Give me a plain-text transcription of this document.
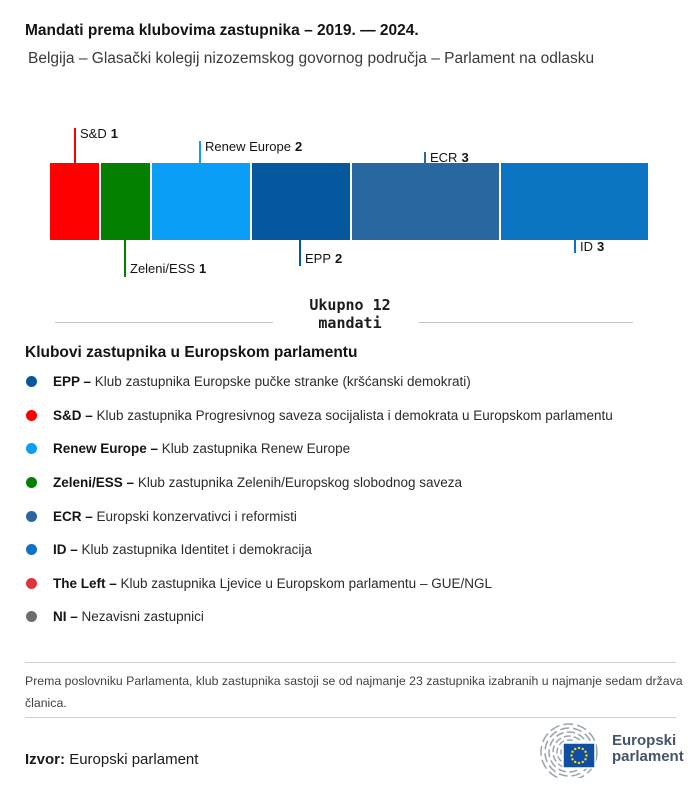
Mandati prema klubovima zastupnika – 2019. — 2024.
Belgija – Glasački kolegij nizozemskog govornog područja – Parlament na odlasku
S&D 1
Renew Europe 2
ECR 3
Zeleni/ESS 1
EPP 2
ID 3
Ukupno 12
mandati
Klubovi zastupnika u Europskom parlamentu
EPP – Klub zastupnika Europske pučke stranke (kršćanski demokrati)
S&D – Klub zastupnika Progresivnog saveza socijalista i demokrata u Europskom parlamentu
Renew Europe – Klub zastupnika Renew Europe
Zeleni/ESS – Klub zastupnika Zelenih/Europskog slobodnog saveza
ECR – Europski konzervativci i reformisti
ID – Klub zastupnika Identitet i demokracija
The Left – Klub zastupnika Ljevice u Europskom parlamentu – GUE/NGL
NI – Nezavisni zastupnici
Prema poslovniku Parlamenta, klub zastupnika sastoji se od najmanje 23 zastupnika izabranih u najmanje sedam država članica.
Izvor: Europski parlament
Europski
parlament
